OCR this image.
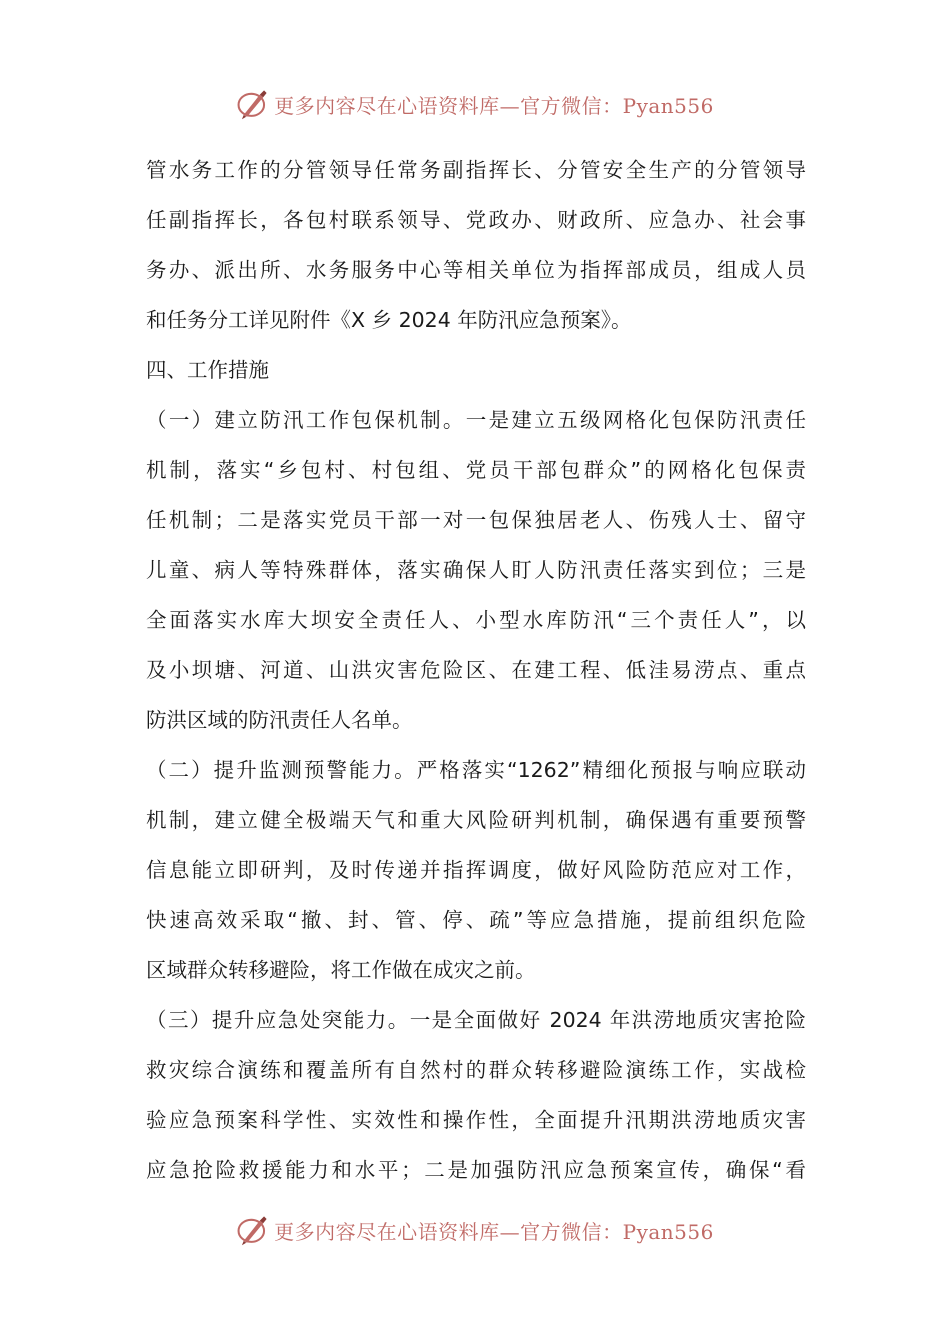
更多内容尽在心语资料库—官方微信：Pyan556
管水务工作的分管领导任常务副指挥长、分管安全生产的分管领导
任副指挥长，各包村联系领导、党政办、财政所、应急办、社会事
务办、派出所、水务服务中心等相关单位为指挥部成员，组成人员
和任务分工详见附件《X 乡 2024 年防汛应急预案》。
四、工作措施
（一）建立防汛工作包保机制。一是建立五级网格化包保防汛责任
机制，落实“乡包村、村包组、党员干部包群众”的网格化包保责
任机制；二是落实党员干部一对一包保独居老人、伤残人士、留守
儿童、病人等特殊群体，落实确保人盯人防汛责任落实到位；三是
全面落实水库大坝安全责任人、小型水库防汛“三个责任人”，以
及小坝塘、河道、山洪灾害危险区、在建工程、低洼易涝点、重点
防洪区域的防汛责任人名单。
（二）提升监测预警能力。严格落实“1262”精细化预报与响应联动
机制，建立健全极端天气和重大风险研判机制，确保遇有重要预警
信息能立即研判，及时传递并指挥调度，做好风险防范应对工作，
快速高效采取“撤、封、管、停、疏”等应急措施，提前组织危险
区域群众转移避险，将工作做在成灾之前。
（三）提升应急处突能力。一是全面做好 2024 年洪涝地质灾害抢险
救灾综合演练和覆盖所有自然村的群众转移避险演练工作，实战检
验应急预案科学性、实效性和操作性，全面提升汛期洪涝地质灾害
应急抢险救援能力和水平；二是加强防汛应急预案宣传，确保“看
更多内容尽在心语资料库—官方微信：Pyan556
